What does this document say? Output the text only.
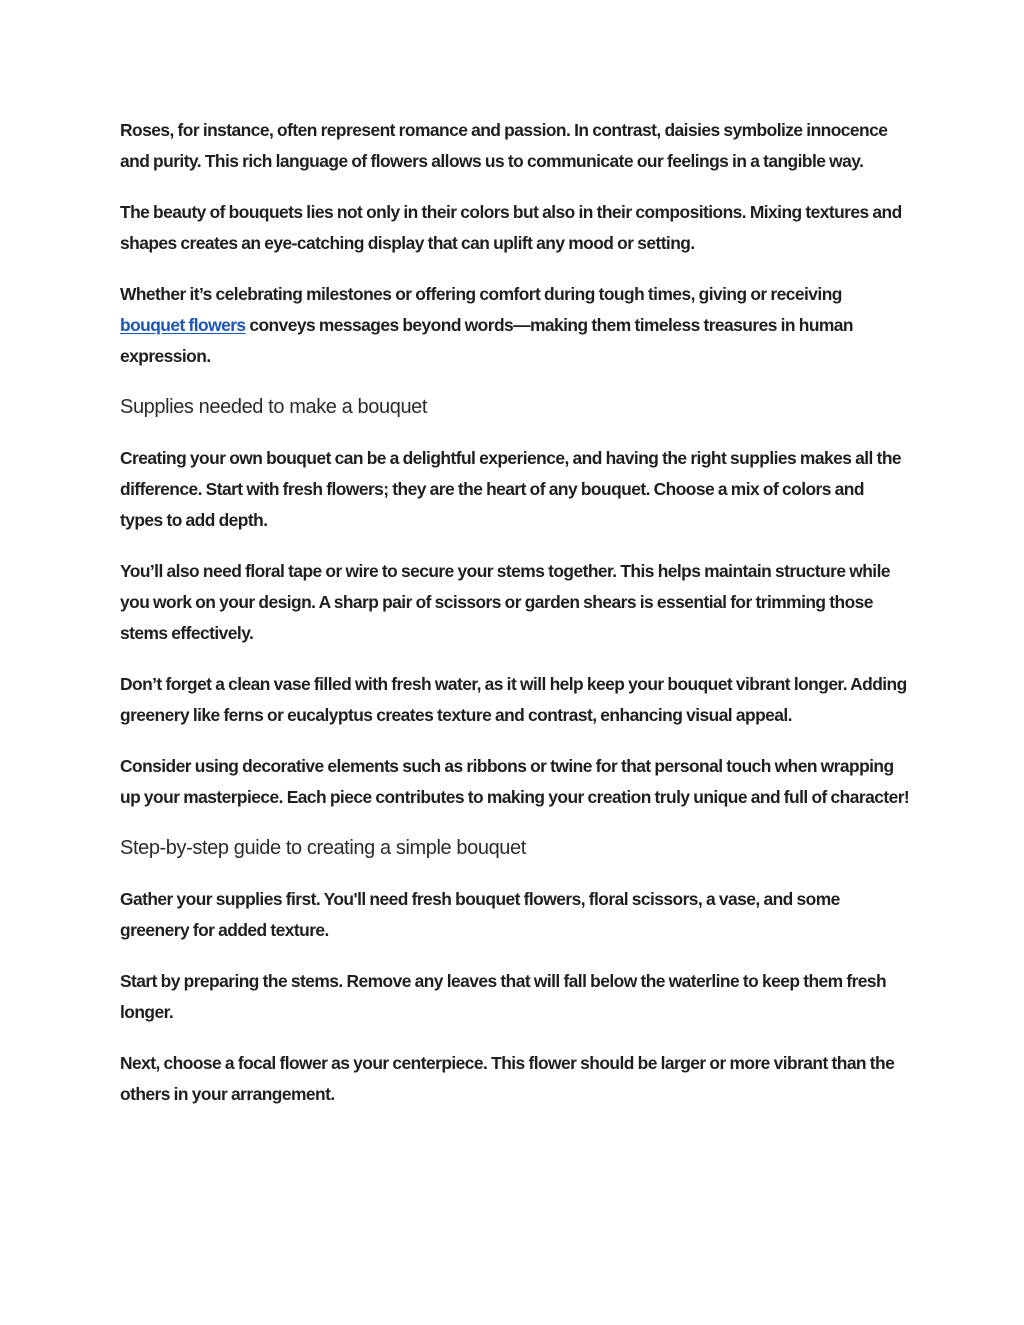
Roses, for instance, often represent romance and passion. In contrast, daisies symbolize innocence and purity. This rich language of flowers allows us to communicate our feelings in a tangible way.

The beauty of bouquets lies not only in their colors but also in their compositions. Mixing textures and shapes creates an eye-catching display that can uplift any mood or setting.

Whether it’s celebrating milestones or offering comfort during tough times, giving or receiving bouquet flowers conveys messages beyond words—making them timeless treasures in human expression.

Supplies needed to make a bouquet

Creating your own bouquet can be a delightful experience, and having the right supplies makes all the difference. Start with fresh flowers; they are the heart of any bouquet. Choose a mix of colors and types to add depth.

You’ll also need floral tape or wire to secure your stems together. This helps maintain structure while you work on your design. A sharp pair of scissors or garden shears is essential for trimming those stems effectively.

Don’t forget a clean vase filled with fresh water, as it will help keep your bouquet vibrant longer. Adding greenery like ferns or eucalyptus creates texture and contrast, enhancing visual appeal.

Consider using decorative elements such as ribbons or twine for that personal touch when wrapping up your masterpiece. Each piece contributes to making your creation truly unique and full of character!

Step-by-step guide to creating a simple bouquet

Gather your supplies first. You'll need fresh bouquet flowers, floral scissors, a vase, and some greenery for added texture.

Start by preparing the stems. Remove any leaves that will fall below the waterline to keep them fresh longer.

Next, choose a focal flower as your centerpiece. This flower should be larger or more vibrant than the others in your arrangement.
